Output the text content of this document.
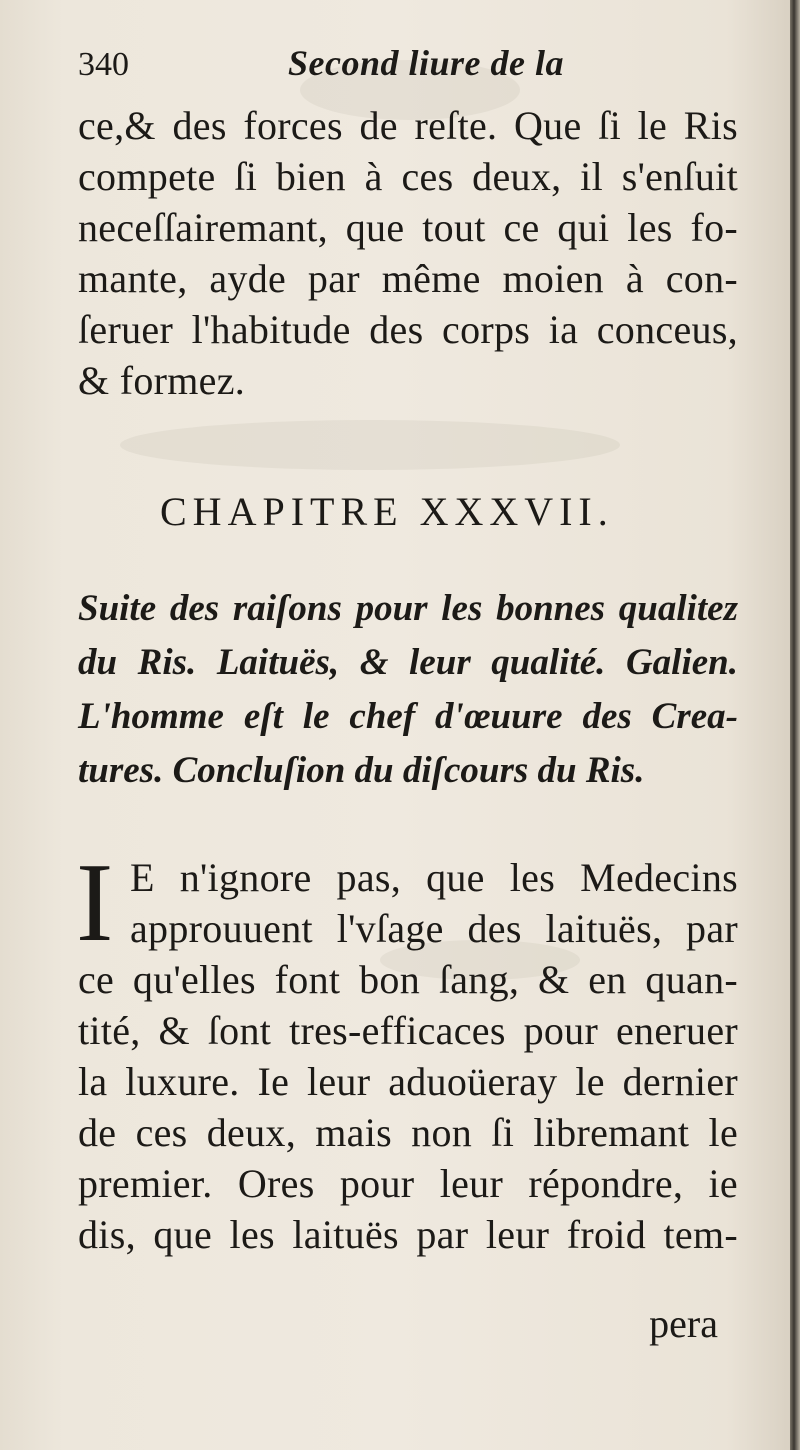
340	Second liure de la
ce,& des forces de reſte. Que ſi le Ris
compete ſi bien à ces deux, il s'enſuit
neceſſairemant, que tout ce qui les fo-
mante, ayde par même moien à con-
ſeruer l'habitude des corps ia conceus,
& formez.
CHAPITRE XXXVII.
Suite des raiſons pour les bonnes qualitez
du Ris. Laituës, & leur qualité. Galien.
L'homme eſt le chef d'œuure des Crea-
tures. Concluſion du diſcours du Ris.
I E n'ignore pas, que les Medecins
approuuent l'vſage des laituës, par
ce qu'elles font bon ſang, & en quan-
tité, & ſont tres-efficaces pour eneruer
la luxure. Ie leur aduoüeray le dernier
de ces deux, mais non ſi libremant le
premier. Ores pour leur répondre, ie
dis, que les laituës par leur froid tem-
pera
